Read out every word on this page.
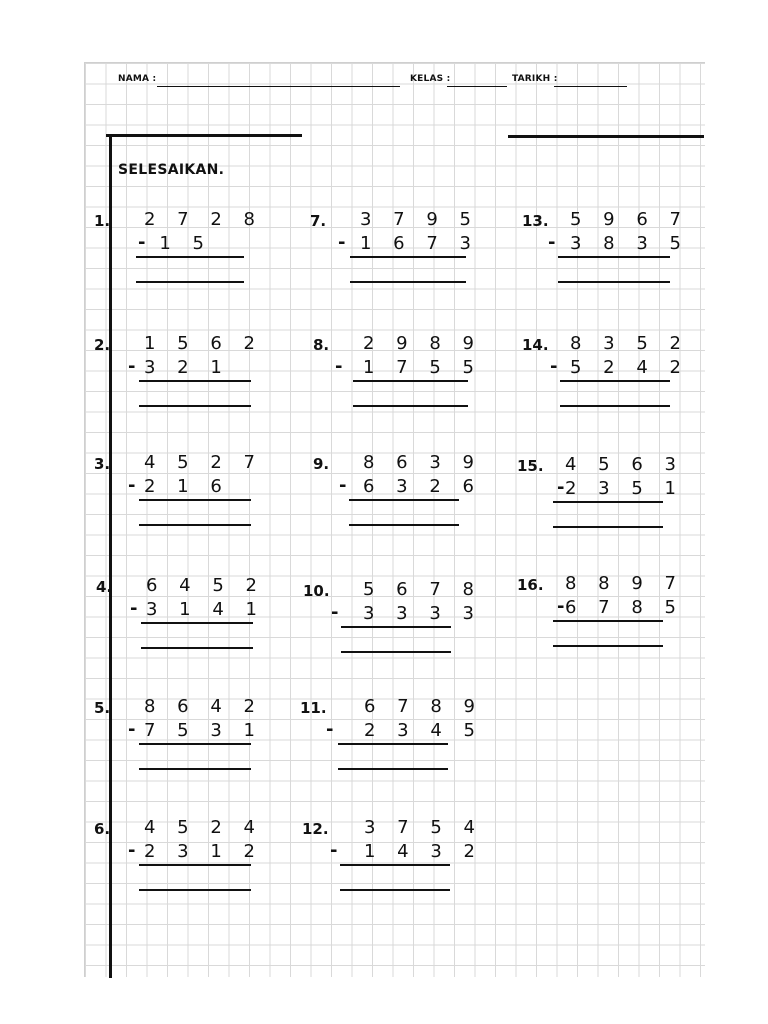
NAMA :	KELAS :	TARIKH :
SELESAIKAN.
1. 2 7 2 8
- 1 5
2. 1 5 6 2
- 3 2 1
3. 4 5 2 7
- 2 1 6
4. 6 4 5 2
- 3 1 4 1
5. 8 6 4 2
- 7 5 3 1
6. 4 5 2 4
- 2 3 1 2
7. 3 7 9 5
- 1 6 7 3
8. 2 9 8 9
- 1 7 5 5
9. 8 6 3 9
- 6 3 2 6
10. 5 6 7 8
- 3 3 3 3
11. 6 7 8 9
- 2 3 4 5
12. 3 7 5 4
- 1 4 3 2
13. 5 9 6 7
- 3 8 3 5
14. 8 3 5 2
- 5 2 4 2
15. 4 5 6 3
- 2 3 5 1
16. 8 8 9 7
- 6 7 8 5
